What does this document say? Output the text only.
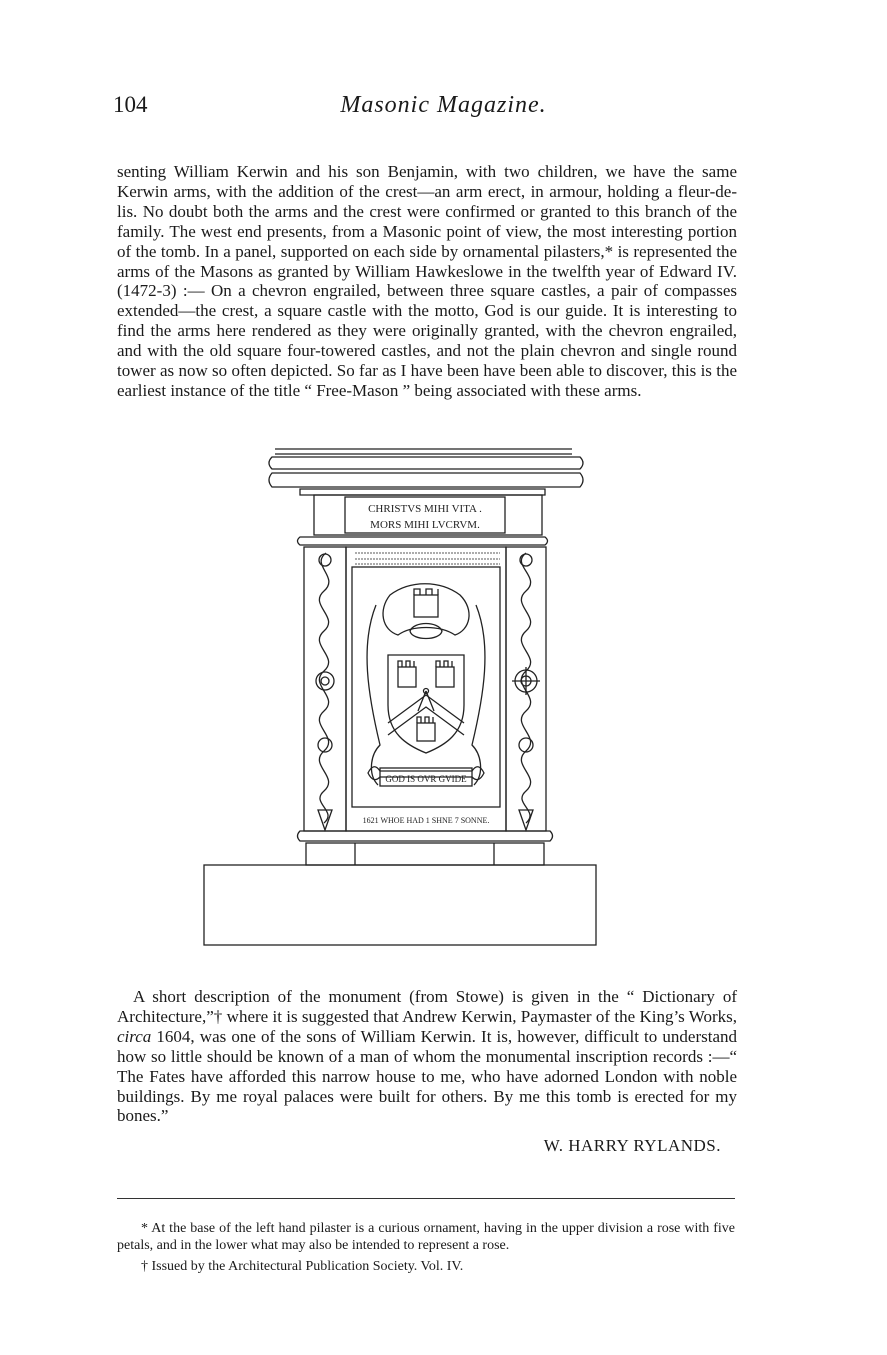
104	Masonic Magazine.

senting William Kerwin and his son Benjamin, with two children, we have the same Kerwin arms, with the addition of the crest—an arm erect, in armour, holding a fleur-de-lis. No doubt both the arms and the crest were confirmed or granted to this branch of the family. The west end presents, from a Masonic point of view, the most interesting portion of the tomb. In a panel, supported on each side by ornamental pilasters,* is represented the arms of the Masons as granted by William Hawkeslowe in the twelfth year of Edward IV. (1472-3) :— On a chevron engrailed, between three square castles, a pair of compasses extended—the crest, a square castle with the motto, God is our guide. It is interesting to find the arms here rendered as they were originally granted, with the chevron engrailed, and with the old square four-towered castles, and not the plain chevron and single round tower as now so often depicted. So far as I have been have been able to discover, this is the earliest instance of the title “ Free-Mason ” being associated with these arms.

CHRISTVS MIHI VITA .
MORS MIHI LVCRVM.
GOD IS OVR GVIDE
1621 WHOE HAD 1 SHNE 7 SONNE.

A short description of the monument (from Stowe) is given in the “ Dictionary of Architecture,”† where it is suggested that Andrew Kerwin, Paymaster of the King’s Works, circa 1604, was one of the sons of William Kerwin. It is, however, difficult to understand how so little should be known of a man of whom the monumental inscription records :—“ The Fates have afforded this narrow house to me, who have adorned London with noble buildings. By me royal palaces were built for others. By me this tomb is erected for my bones.”

W. HARRY RYLANDS.

* At the base of the left hand pilaster is a curious ornament, having in the upper division a rose with five petals, and in the lower what may also be intended to represent a rose.

† Issued by the Architectural Publication Society. Vol. IV.
